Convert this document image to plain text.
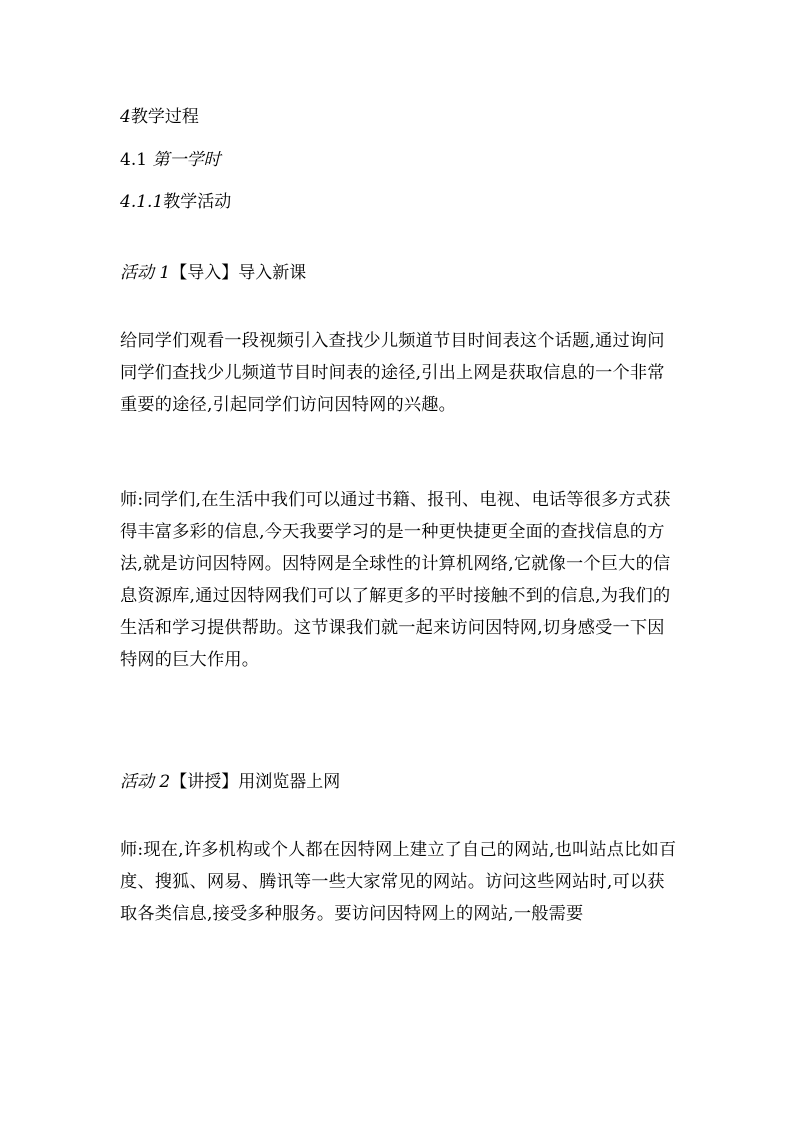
4教学过程
4.1 第一学时
4.1.1教学活动
活动 1【导入】导入新课
给同学们观看一段视频引入查找少儿频道节目时间表这个话题,通过询问同学们查找少儿频道节目时间表的途径,引出上网是获取信息的一个非常重要的途径,引起同学们访问因特网的兴趣。
师:同学们,在生活中我们可以通过书籍、报刊、电视、电话等很多方式获得丰富多彩的信息,今天我要学习的是一种更快捷更全面的查找信息的方法,就是访问因特网。因特网是全球性的计算机网络,它就像一个巨大的信息资源库,通过因特网我们可以了解更多的平时接触不到的信息,为我们的生活和学习提供帮助。这节课我们就一起来访问因特网,切身感受一下因特网的巨大作用。
活动 2【讲授】用浏览器上网
师:现在,许多机构或个人都在因特网上建立了自己的网站,也叫站点比如百度、搜狐、网易、腾讯等一些大家常见的网站。访问这些网站时,可以获取各类信息,接受多种服务。要访问因特网上的网站,一般需要
